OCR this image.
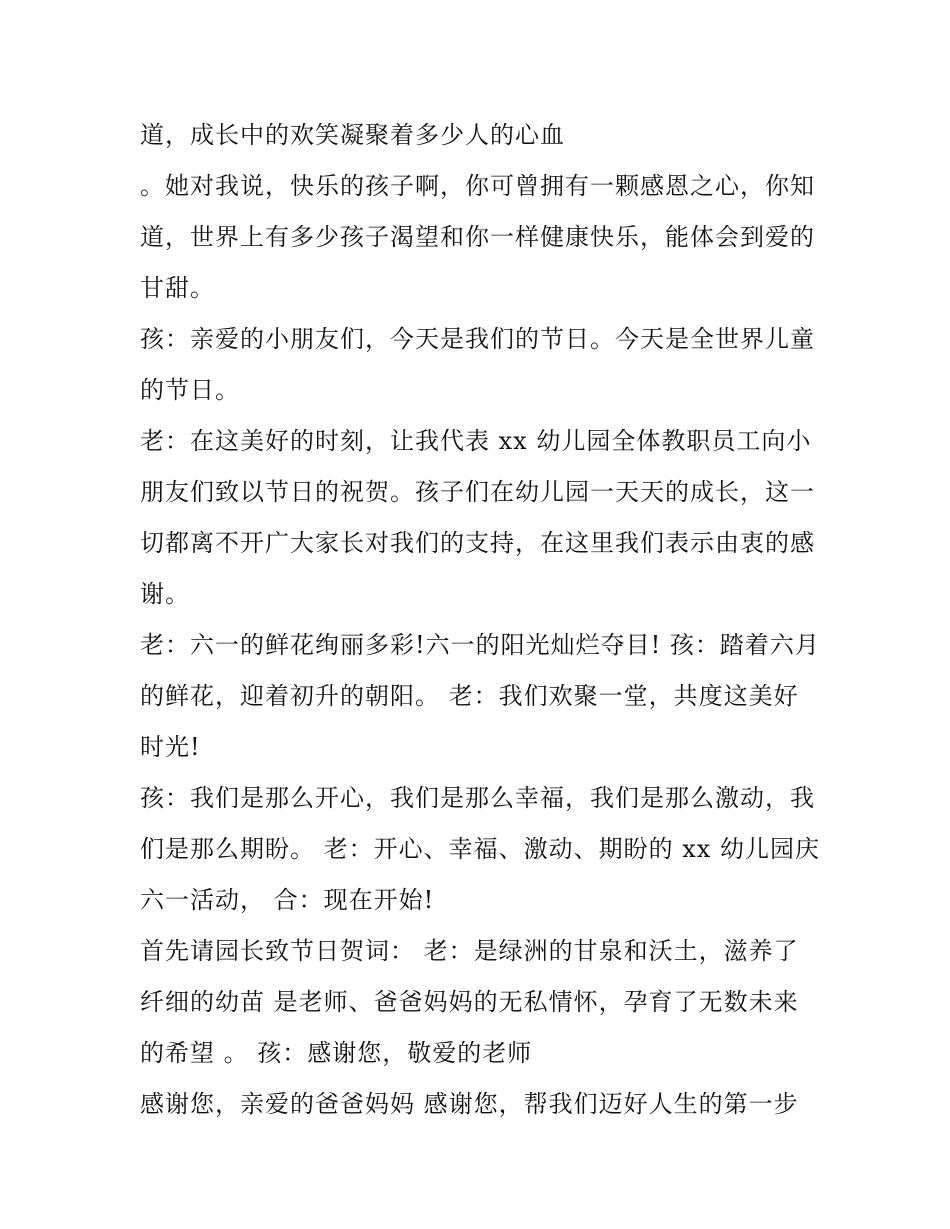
道，成长中的欢笑凝聚着多少人的心血
。她对我说，快乐的孩子啊，你可曾拥有一颗感恩之心，你知
道，世界上有多少孩子渴望和你一样健康快乐，能体会到爱的
甘甜。
孩：亲爱的小朋友们，今天是我们的节日。今天是全世界儿童
的节日。
老：在这美好的时刻，让我代表 xx 幼儿园全体教职员工向小
朋友们致以节日的祝贺。孩子们在幼儿园一天天的成长，这一
切都离不开广大家长对我们的支持，在这里我们表示由衷的感
谢。
老：六一的鲜花绚丽多彩!六一的阳光灿烂夺目! 孩：踏着六月
的鲜花，迎着初升的朝阳。 老：我们欢聚一堂，共度这美好
时光!
孩：我们是那么开心，我们是那么幸福，我们是那么激动，我
们是那么期盼。 老：开心、幸福、激动、期盼的 xx 幼儿园庆
六一活动， 合：现在开始!
首先请园长致节日贺词： 老：是绿洲的甘泉和沃土，滋养了
纤细的幼苗 是老师、爸爸妈妈的无私情怀，孕育了无数未来
的希望 。 孩：感谢您，敬爱的老师
感谢您，亲爱的爸爸妈妈 感谢您，帮我们迈好人生的第一步
